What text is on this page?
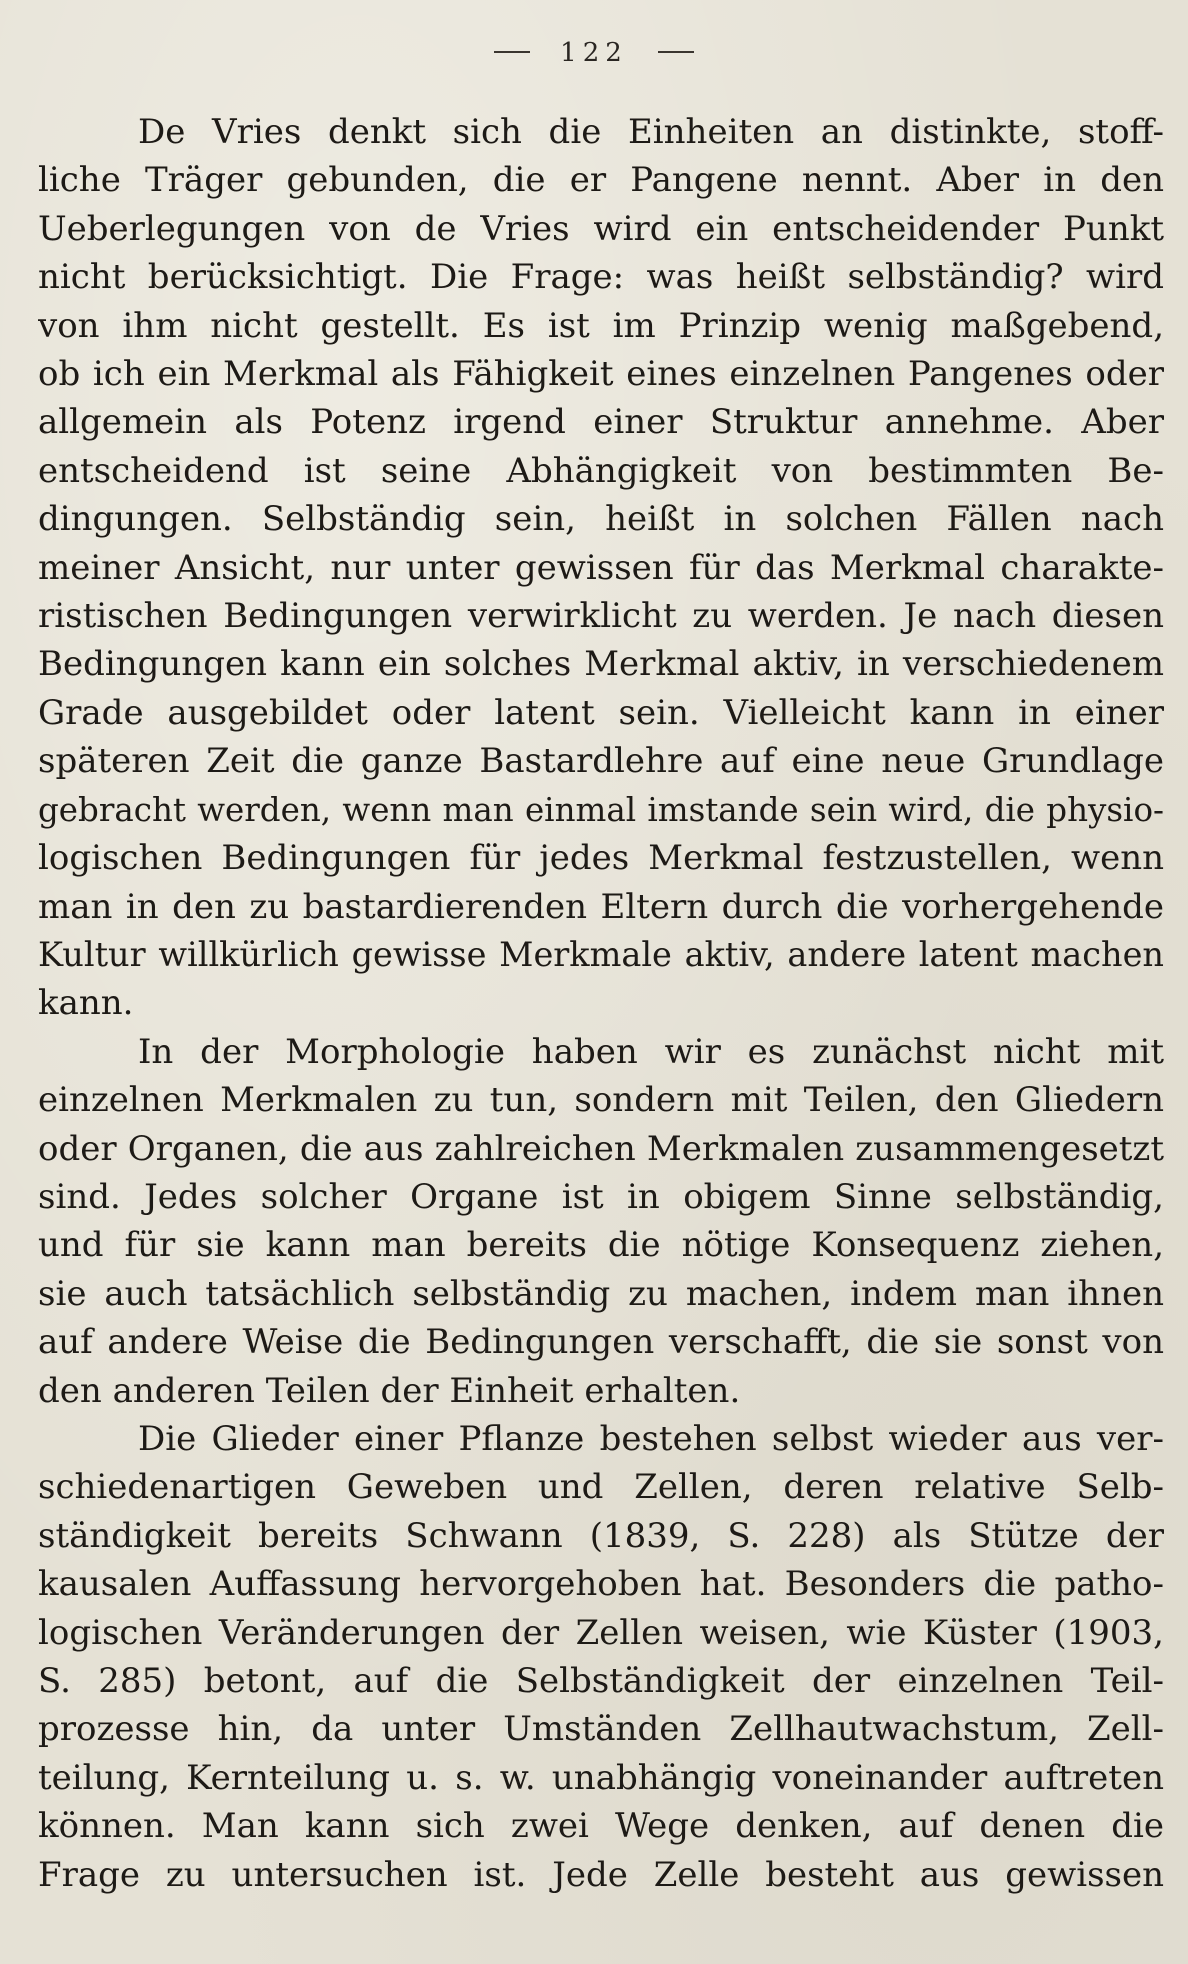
122

De Vries denkt sich die Einheiten an distinkte, stoff-
liche Träger gebunden, die er Pangene nennt. Aber in den
Ueberlegungen von de Vries wird ein entscheidender Punkt
nicht berücksichtigt. Die Frage: was heißt selbständig? wird
von ihm nicht gestellt. Es ist im Prinzip wenig maßgebend,
ob ich ein Merkmal als Fähigkeit eines einzelnen Pangenes oder
allgemein als Potenz irgend einer Struktur annehme. Aber
entscheidend ist seine Abhängigkeit von bestimmten Be-
dingungen. Selbständig sein, heißt in solchen Fällen nach
meiner Ansicht, nur unter gewissen für das Merkmal charakte-
ristischen Bedingungen verwirklicht zu werden. Je nach diesen
Bedingungen kann ein solches Merkmal aktiv, in verschiedenem
Grade ausgebildet oder latent sein. Vielleicht kann in einer
späteren Zeit die ganze Bastardlehre auf eine neue Grundlage
gebracht werden, wenn man einmal imstande sein wird, die physio-
logischen Bedingungen für jedes Merkmal festzustellen, wenn
man in den zu bastardierenden Eltern durch die vorhergehende
Kultur willkürlich gewisse Merkmale aktiv, andere latent machen
kann.

In der Morphologie haben wir es zunächst nicht mit
einzelnen Merkmalen zu tun, sondern mit Teilen, den Gliedern
oder Organen, die aus zahlreichen Merkmalen zusammengesetzt
sind. Jedes solcher Organe ist in obigem Sinne selbständig,
und für sie kann man bereits die nötige Konsequenz ziehen,
sie auch tatsächlich selbständig zu machen, indem man ihnen
auf andere Weise die Bedingungen verschafft, die sie sonst von
den anderen Teilen der Einheit erhalten.

Die Glieder einer Pflanze bestehen selbst wieder aus ver-
schiedenartigen Geweben und Zellen, deren relative Selb-
ständigkeit bereits Schwann (1839, S. 228) als Stütze der
kausalen Auffassung hervorgehoben hat. Besonders die patho-
logischen Veränderungen der Zellen weisen, wie Küster (1903,
S. 285) betont, auf die Selbständigkeit der einzelnen Teil-
prozesse hin, da unter Umständen Zellhautwachstum, Zell-
teilung, Kernteilung u. s. w. unabhängig voneinander auftreten
können. Man kann sich zwei Wege denken, auf denen die
Frage zu untersuchen ist. Jede Zelle besteht aus gewissen
